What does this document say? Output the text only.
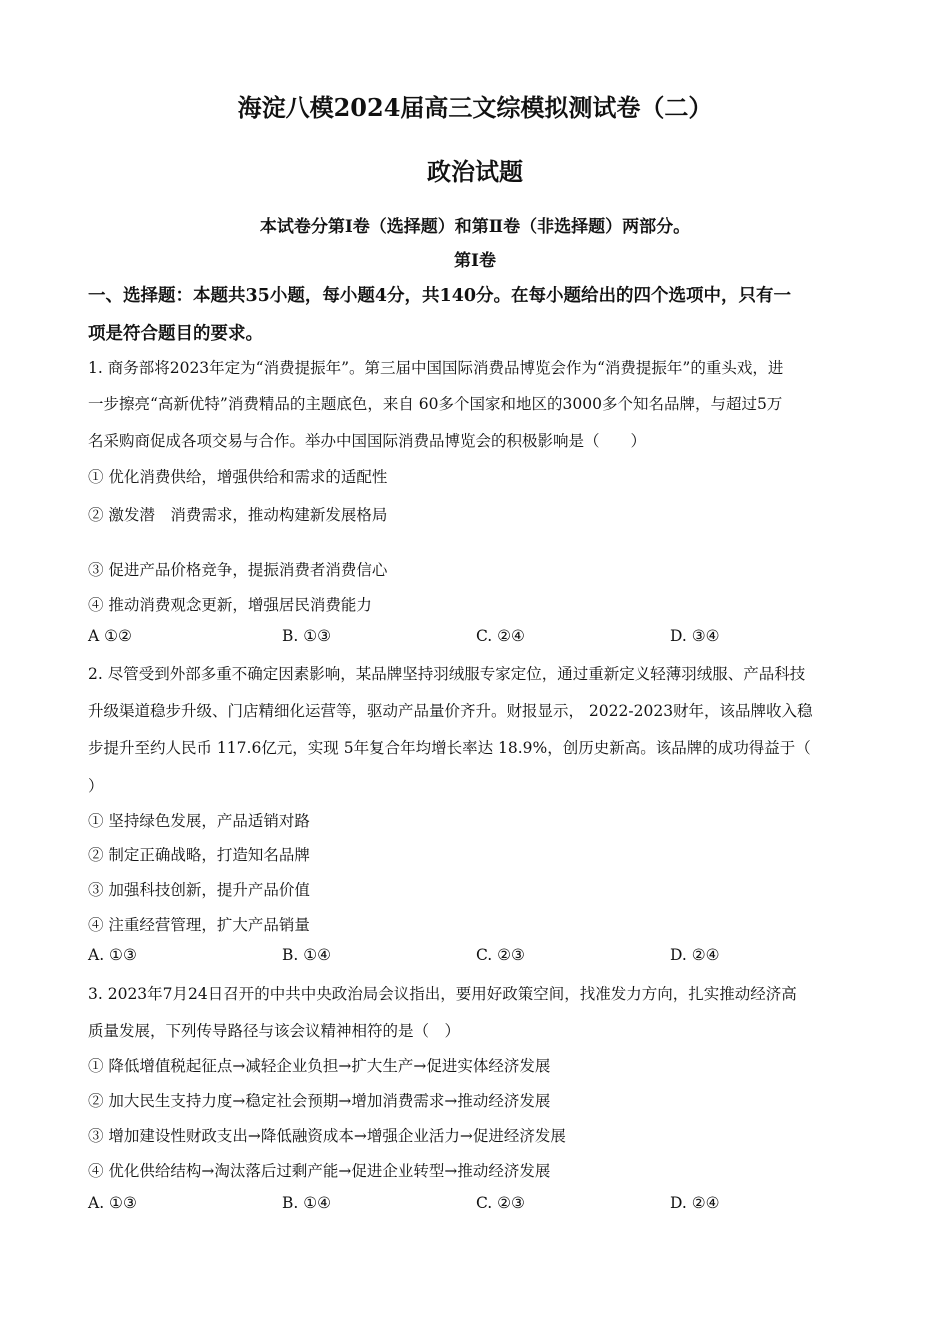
海淀八模2024届高三文综模拟测试卷（二）
政治试题
本试卷分第Ⅰ卷（选择题）和第Ⅱ卷（非选择题）两部分。
第Ⅰ卷
一、选择题：本题共35小题，每小题4分，共140分。在每小题给出的四个选项中，只有一
项是符合题目的要求。
1. 商务部将2023年定为“消费提振年”。第三届中国国际消费品博览会作为“消费提振年”的重头戏，进
一步擦亮“高新优特”消费精品的主题底色，来自 60多个国家和地区的3000多个知名品牌，与超过5万
名采购商促成各项交易与合作。举办中国国际消费品博览会的积极影响是（　　）
① 优化消费供给，增强供给和需求的适配性
② 激发潜　消费需求，推动构建新发展格局
③ 促进产品价格竞争，提振消费者消费信心
④ 推动消费观念更新，增强居民消费能力
A ①②	B. ①③	C. ②④	D. ③④
2. 尽管受到外部多重不确定因素影响，某品牌坚持羽绒服专家定位，通过重新定义轻薄羽绒服、产品科技
升级渠道稳步升级、门店精细化运营等，驱动产品量价齐升。财报显示， 2022-2023财年，该品牌收入稳
步提升至约人民币 117.6亿元，实现 5年复合年均增长率达 18.9%，创历史新高。该品牌的成功得益于（
）
① 坚持绿色发展，产品适销对路
② 制定正确战略，打造知名品牌
③ 加强科技创新，提升产品价值
④ 注重经营管理，扩大产品销量
A. ①③	B. ①④	C. ②③	D. ②④
3. 2023年7月24日召开的中共中央政治局会议指出，要用好政策空间，找准发力方向，扎实推动经济高
质量发展，下列传导路径与该会议精神相符的是（　）
① 降低增值税起征点→减轻企业负担→扩大生产→促进实体经济发展
② 加大民生支持力度→稳定社会预期→增加消费需求→推动经济发展
③ 增加建设性财政支出→降低融资成本→增强企业活力→促进经济发展
④ 优化供给结构→淘汰落后过剩产能→促进企业转型→推动经济发展
A. ①③	B. ①④	C. ②③	D. ②④
